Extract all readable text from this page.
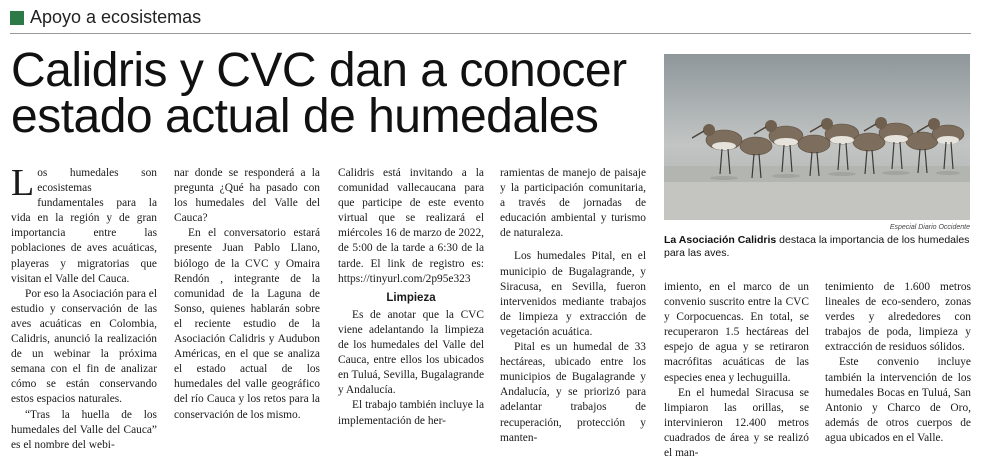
Apoyo a ecosistemas
Calidris y CVC dan a conocer estado actual de humedales
Especial Diario Occidente
La Asociación Calidris destaca la importancia de los humedales para las aves.

Los humedales son ecosistemas fundamentales para la vida en la región y de gran importancia entre las poblaciones de aves acuáticas, playeras y migratorias que visitan el Valle del Cauca.

Por eso la Asociación para el estudio y conservación de las aves acuáticas en Colombia, Calidris, anunció la realización de un webinar la próxima semana con el fin de analizar cómo se están conservando estos espacios naturales.

“Tras la huella de los humedales del Valle del Cauca” es el nombre del webi-

nar donde se responderá a la pregunta ¿Qué ha pasado con los humedales del Valle del Cauca?

En el conversatorio estará presente Juan Pablo Llano, biólogo de la CVC y Omaira Rendón , integrante de la comunidad de la Laguna de Sonso, quienes hablarán sobre el reciente estudio de la Asociación Calidris y Audubon Américas, en el que se analiza el estado actual de los humedales del valle geográfico del río Cauca y los retos para la conservación de los mismo.

Calidris está invitando a la comunidad vallecaucana para que participe de este evento virtual que se realizará el miércoles 16 de marzo de 2022, de 5:00 de la tarde a 6:30 de la tarde. El link de registro es: https://tinyurl.com/2p95e323

Limpieza

Es de anotar que la CVC viene adelantando la limpieza de los humedales del Valle del Cauca, entre ellos los ubicados en Tuluá, Sevilla, Bugalagrande y Andalucía.

El trabajo también incluye la implementación de her-

ramientas de manejo de paisaje y la participación comunitaria, a través de jornadas de educación ambiental y turismo de naturaleza.

Los humedales Pital, en el municipio de Bugalagrande, y Siracusa, en Sevilla, fueron intervenidos mediante trabajos de limpieza y extracción de vegetación acuática.

Pital es un humedal de 33 hectáreas, ubicado entre los municipios de Bugalagrande y Andalucía, y se priorizó para adelantar trabajos de recuperación, protección y manten-

imiento, en el marco de un convenio suscrito entre la CVC y Corpocuencas. En total, se recuperaron 1.5 hectáreas del espejo de agua y se retiraron macrófitas acuáticas de las especies enea y lechuguilla.

En el humedal Siracusa se limpiaron las orillas, se intervinieron 12.400 metros cuadrados de área y se realizó el man-

tenimiento de 1.600 metros lineales de eco-sendero, zonas verdes y alrededores con trabajos de poda, limpieza y extracción de residuos sólidos.

Este convenio incluye también la intervención de los humedales Bocas en Tuluá, San Antonio y Charco de Oro, además de otros cuerpos de agua ubicados en el Valle.
